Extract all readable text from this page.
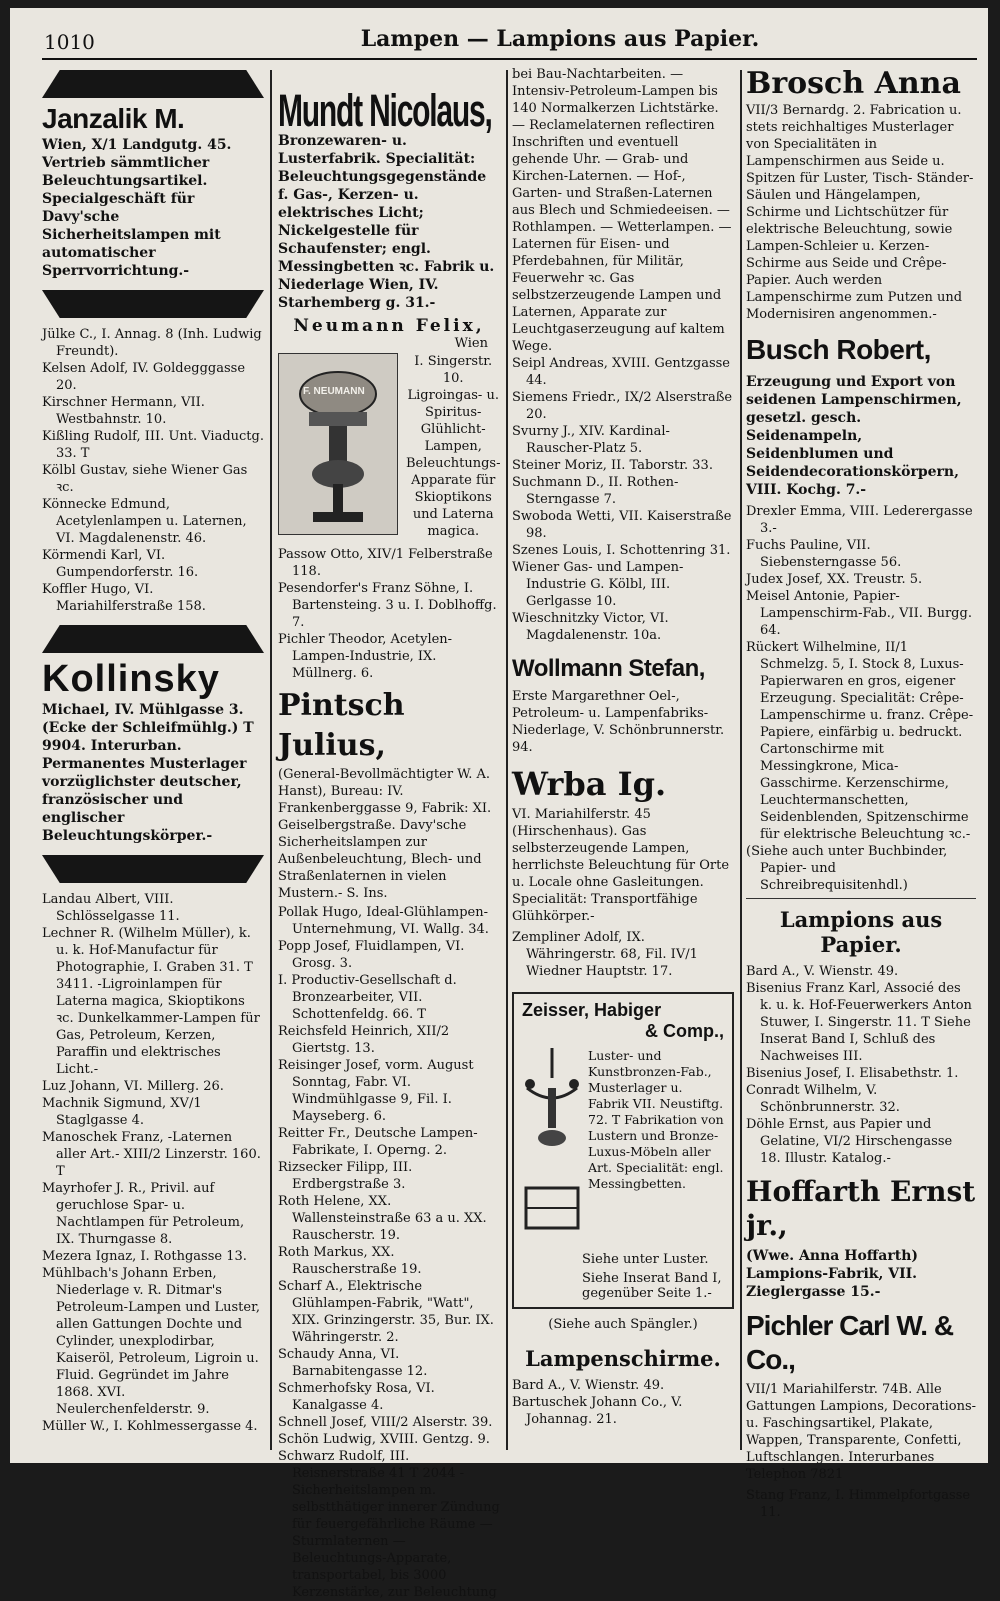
1010	Lampen — Lampions aus Papier.
Janzalik M.
Wien, X/1 Landgutg. 45. Vertrieb sämmtlicher Beleuchtungsartikel. Specialgeschäft für Davy'sche Sicherheitslampen mit automatischer Sperrvorrichtung.-

Jülke C., I. Annag. 8 (Inh. Ludwig Freundt).

Kelsen Adolf, IV. Goldegggasse 20.

Kirschner Hermann, VII. Westbahnstr. 10.

Kißling Rudolf, III. Unt. Viaductg. 33. T

Kölbl Gustav, siehe Wiener Gas ꝛc.

Könnecke Edmund, Acetylenlampen u. Laternen, VI. Magdalenenstr. 46.

Körmendi Karl, VI. Gumpendorferstr. 16.

Koffler Hugo, VI. Mariahilferstraße 158.

Kollinsky
Michael, IV. Mühlgasse 3. (Ecke der Schleifmühlg.) T 9904. Interurban. Permanentes Musterlager vorzüglichster deutscher, französischer und englischer Beleuchtungskörper.-

Landau Albert, VIII. Schlösselgasse 11.

Lechner R. (Wilhelm Müller), k. u. k. Hof-Manufactur für Photographie, I. Graben 31. T 3411. -Ligroinlampen für Laterna magica, Skioptikons ꝛc. Dunkelkammer-Lampen für Gas, Petroleum, Kerzen, Paraffin und elektrisches Licht.-

Luz Johann, VI. Millerg. 26.

Machnik Sigmund, XV/1 Staglgasse 4.

Manoschek Franz, -Laternen aller Art.- XIII/2 Linzerstr. 160. T

Mayrhofer J. R., Privil. auf geruchlose Spar- u. Nachtlampen für Petroleum, IX. Thurngasse 8.

Mezera Ignaz, I. Rothgasse 13.

Mühlbach's Johann Erben, Niederlage v. R. Ditmar's Petroleum-Lampen und Luster, allen Gattungen Dochte und Cylinder, unexplodirbar, Kaiseröl, Petroleum, Ligroin u. Fluid. Gegründet im Jahre 1868. XVI. Neulerchenfelderstr. 9.

Müller W., I. Kohlmessergasse 4.

Mundt Nicolaus,
Bronzewaren- u. Lusterfabrik. Specialität: Beleuchtungsgegenstände f. Gas-, Kerzen- u. elektrisches Licht; Nickelgestelle für Schaufenster; engl. Messingbetten ꝛc. Fabrik u. Niederlage Wien, IV. Starhemberg g. 31.-
Neumann Felix,
Wien
F. NEUMANN
I. Singerstr. 10. Ligroingas- u. Spiritus-Glühlicht-Lampen, Beleuchtungs-Apparate für Skioptikons und Laterna magica.

Passow Otto, XIV/1 Felberstraße 118.

Pesendorfer's Franz Söhne, I. Bartensteing. 3 u. I. Doblhoffg. 7.

Pichler Theodor, Acetylen-Lampen-Industrie, IX. Müllnerg. 6.

Pintsch Julius,
(General-Bevollmächtigter W. A. Hanst), Bureau: IV. Frankenberggasse 9, Fabrik: XI. Geiselbergstraße. Davy'sche Sicherheitslampen zur Außenbeleuchtung, Blech- und Straßenlaternen in vielen Mustern.- S. Ins.

Pollak Hugo, Ideal-Glühlampen-Unternehmung, VI. Wallg. 34.

Popp Josef, Fluidlampen, VI. Grosg. 3.

I. Productiv-Gesellschaft d. Bronzearbeiter, VII. Schottenfeldg. 66. T

Reichsfeld Heinrich, XII/2 Giertstg. 13.

Reisinger Josef, vorm. August Sonntag, Fabr. VI. Windmühlgasse 9, Fil. I. Mayseberg. 6.

Reitter Fr., Deutsche Lampen-Fabrikate, I. Operng. 2.

Rizsecker Filipp, III. Erdbergstraße 3.

Roth Helene, XX. Wallensteinstraße 63 a u. XX. Rauscherstr. 19.

Roth Markus, XX. Rauscherstraße 19.

Scharf A., Elektrische Glühlampen-Fabrik, "Watt", XIX. Grinzingerstr. 35, Bur. IX. Währingerstr. 2.

Schaudy Anna, VI. Barnabitengasse 12.

Schmerhofsky Rosa, VI. Kanalgasse 4.

Schnell Josef, VIII/2 Alserstr. 39.

Schön Ludwig, XVIII. Gentzg. 9.

Schwarz Rudolf, III. Reisnerstraße 41 T 2044 -Sicherheitslampen m. selbstthätiger innerer Zündung für feuergefährliche Räume — Sturmlaternen — Beleuchtungs-Apparate, transportabel, bis 3000 Kerzenstärke, zur Beleuchtung

bei Bau-Nachtarbeiten. — Intensiv-Petroleum-Lampen bis 140 Normalkerzen Lichtstärke. — Reclamelaternen reflectiren Inschriften und eventuell gehende Uhr. — Grab- und Kirchen-Laternen. — Hof-, Garten- und Straßen-Laternen aus Blech und Schmiedeeisen. — Rothlampen. — Wetterlampen. — Laternen für Eisen- und Pferdebahnen, für Militär, Feuerwehr ꝛc. Gas selbstzerzeugende Lampen und Laternen, Apparate zur Leuchtgaserzeugung auf kaltem Wege.

Seipl Andreas, XVIII. Gentzgasse 44.

Siemens Friedr., IX/2 Alserstraße 20.

Svurny J., XIV. Kardinal-Rauscher-Platz 5.

Steiner Moriz, II. Taborstr. 33.

Suchmann D., II. Rothen-Sterngasse 7.

Swoboda Wetti, VII. Kaiserstraße 98.

Szenes Louis, I. Schottenring 31.

Wiener Gas- und Lampen-Industrie G. Kölbl, III. Gerlgasse 10.

Wieschnitzky Victor, VI. Magdalenenstr. 10a.

Wollmann Stefan,
Erste Margarethner Oel-, Petroleum- u. Lampenfabriks-Niederlage, V. Schönbrunnerstr. 94.
Wrba Ig.
VI. Mariahilferstr. 45 (Hirschenhaus). Gas selbsterzeugende Lampen, herrlichste Beleuchtung für Orte u. Locale ohne Gasleitungen. Specialität: Transportfähige Glühkörper.-

Zempliner Adolf, IX. Währingerstr. 68, Fil. IV/1 Wiedner Hauptstr. 17.

Zeisser, Habiger
& Comp.,
Luster- und Kunstbronzen-Fab., Musterlager u. Fabrik VII. Neustiftg. 72. T Fabrikation von Lustern und Bronze-Luxus-Möbeln aller Art. Specialität: engl. Messingbetten.
Siehe unter Luster.
Siehe Inserat Band I, gegenüber Seite 1.-
(Siehe auch Spängler.)
Lampenschirme.

Bard A., V. Wienstr. 49.

Bartuschek Johann Co., V. Johannag. 21.

Brosch Anna
VII/3 Bernardg. 2. Fabrication u. stets reichhaltiges Musterlager von Specialitäten in Lampenschirmen aus Seide u. Spitzen für Luster, Tisch- Ständer-Säulen und Hängelampen, Schirme und Lichtschützer für elektrische Beleuchtung, sowie Lampen-Schleier u. Kerzen-Schirme aus Seide und Crêpe-Papier. Auch werden Lampenschirme zum Putzen und Modernisiren angenommen.-
Busch Robert,
Erzeugung und Export von seidenen Lampenschirmen, gesetzl. gesch. Seidenampeln, Seidenblumen und Seidendecorationskörpern, VIII. Kochg. 7.-

Drexler Emma, VIII. Lederergasse 3.-

Fuchs Pauline, VII. Siebensterngasse 56.

Judex Josef, XX. Treustr. 5.

Meisel Antonie, Papier-Lampenschirm-Fab., VII. Burgg. 64.

Rückert Wilhelmine, II/1 Schmelzg. 5, I. Stock 8, Luxus-Papierwaren en gros, eigener Erzeugung. Specialität: Crêpe-Lampenschirme u. franz. Crêpe-Papiere, einfärbig u. bedruckt. Cartonschirme mit Messingkrone, Mica-Gasschirme. Kerzenschirme, Leuchtermanschetten, Seidenblenden, Spitzenschirme für elektrische Beleuchtung ꝛc.-

(Siehe auch unter Buchbinder, Papier- und Schreibrequisitenhdl.)

Lampions aus Papier.

Bard A., V. Wienstr. 49.

Bisenius Franz Karl, Associé des k. u. k. Hof-Feuerwerkers Anton Stuwer, I. Singerstr. 11. T Siehe Inserat Band I, Schluß des Nachweises III.

Bisenius Josef, I. Elisabethstr. 1.

Conradt Wilhelm, V. Schönbrunnerstr. 32.

Döhle Ernst, aus Papier und Gelatine, VI/2 Hirschengasse 18. Illustr. Katalog.-

Hoffarth Ernst jr.,
(Wwe. Anna Hoffarth) Lampions-Fabrik, VII. Zieglergasse 15.-
Pichler Carl W. & Co.,
VII/1 Mariahilferstr. 74B. Alle Gattungen Lampions, Decorations- u. Faschingsartikel, Plakate, Wappen, Transparente, Confetti, Luftschlangen. Interurbanes Telephon 7821

Stang Franz, I. Himmelpfortgasse 11.
